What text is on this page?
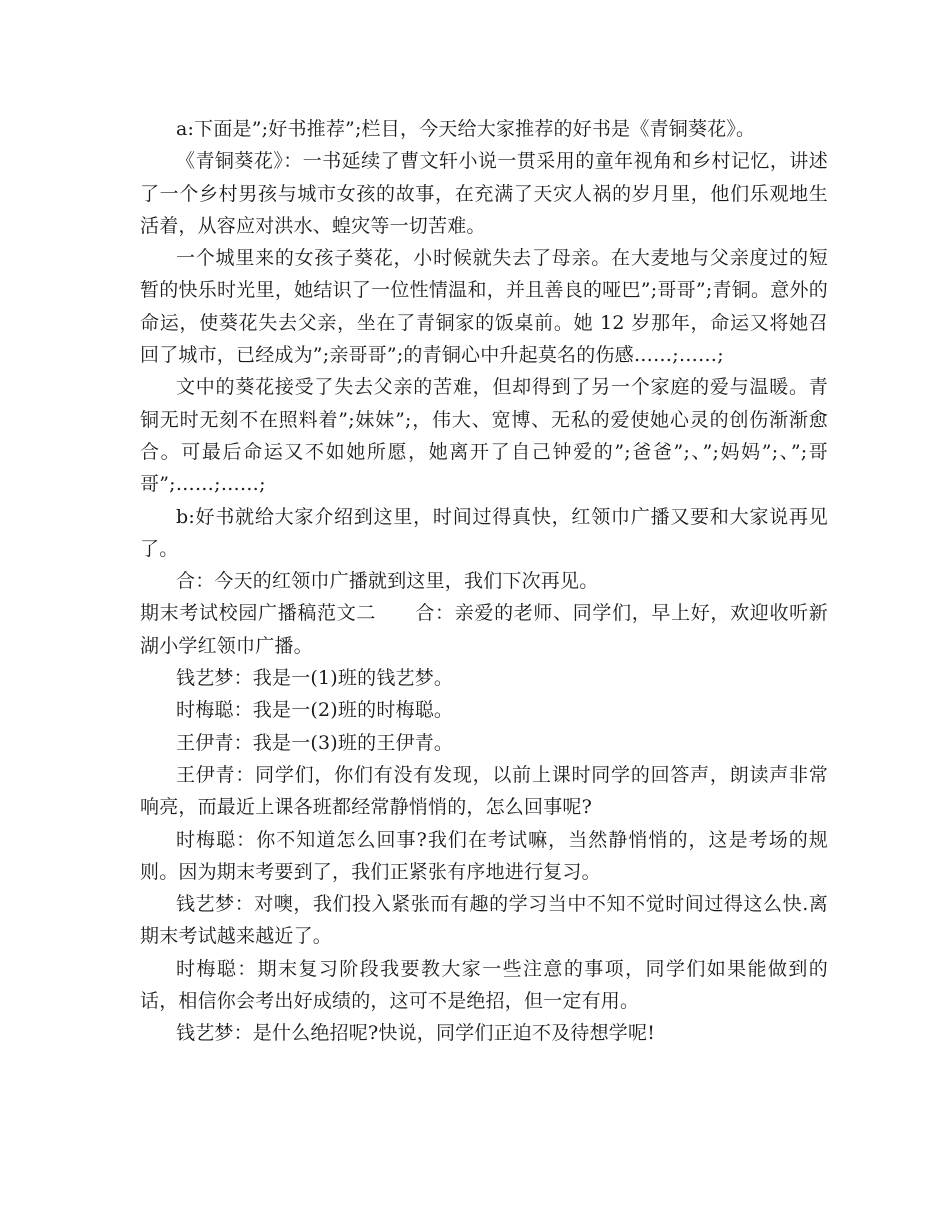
a:下面是”;好书推荐”;栏目，今天给大家推荐的好书是《青铜葵花》。

《青铜葵花》：一书延续了曹文轩小说一贯采用的童年视角和乡村记忆，讲述了一个乡村男孩与城市女孩的故事，在充满了天灾人祸的岁月里，他们乐观地生活着，从容应对洪水、蝗灾等一切苦难。

一个城里来的女孩子葵花，小时候就失去了母亲。在大麦地与父亲度过的短暂的快乐时光里，她结识了一位性情温和，并且善良的哑巴”;哥哥”;青铜。意外的命运，使葵花失去父亲，坐在了青铜家的饭桌前。她 12 岁那年，命运又将她召回了城市，已经成为”;亲哥哥”;的青铜心中升起莫名的伤感……;……;

文中的葵花接受了失去父亲的苦难，但却得到了另一个家庭的爱与温暖。青铜无时无刻不在照料着”;妹妹”;，伟大、宽博、无私的爱使她心灵的创伤渐渐愈合。可最后命运又不如她所愿，她离开了自己钟爱的”;爸爸”;、”;妈妈”;、”;哥哥”;……;……;

b:好书就给大家介绍到这里，时间过得真快，红领巾广播又要和大家说再见了。

合：今天的红领巾广播就到这里，我们下次再见。

期末考试校园广播稿范文二　　合：亲爱的老师、同学们，早上好，欢迎收听新湖小学红领巾广播。

钱艺梦：我是一(1)班的钱艺梦。

时梅聪：我是一(2)班的时梅聪。

王伊青：我是一(3)班的王伊青。

王伊青：同学们，你们有没有发现，以前上课时同学的回答声，朗读声非常响亮，而最近上课各班都经常静悄悄的，怎么回事呢?

时梅聪：你不知道怎么回事?我们在考试嘛，当然静悄悄的，这是考场的规则。因为期末考要到了，我们正紧张有序地进行复习。

钱艺梦：对噢，我们投入紧张而有趣的学习当中不知不觉时间过得这么快.离期末考试越来越近了。

时梅聪：期末复习阶段我要教大家一些注意的事项，同学们如果能做到的话，相信你会考出好成绩的，这可不是绝招，但一定有用。

钱艺梦：是什么绝招呢?快说，同学们正迫不及待想学呢!
